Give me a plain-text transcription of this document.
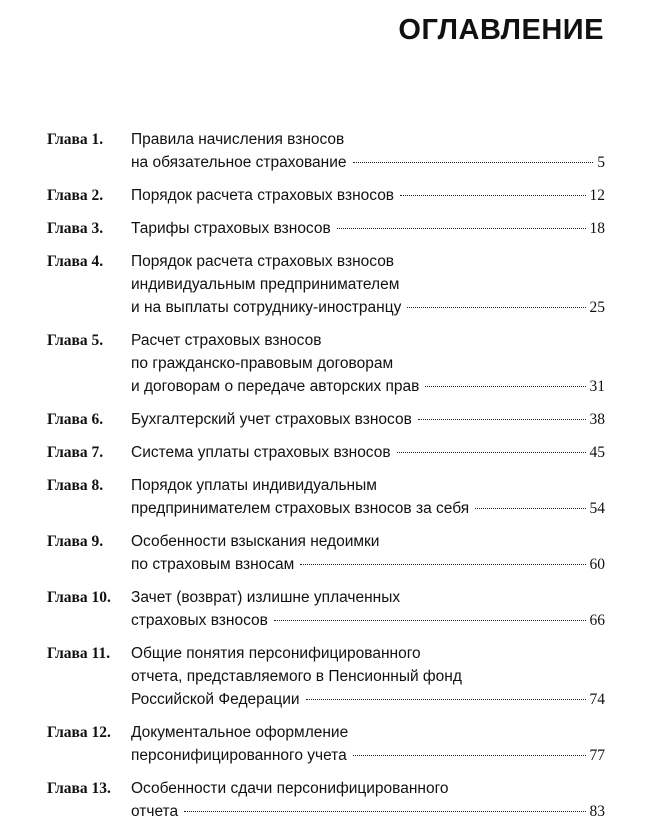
ОГЛАВЛЕНИЕ
Глава 1. Правила начисления взносов
на обязательное страхование	5
Глава 2. Порядок расчета страховых взносов	12
Глава 3. Тарифы страховых взносов	18
Глава 4. Порядок расчета страховых взносов
индивидуальным предпринимателем
и на выплаты сотруднику-иностранцу	25
Глава 5. Расчет страховых взносов
по гражданско-правовым договорам
и договорам о передаче авторских прав	31
Глава 6. Бухгалтерский учет страховых взносов	38
Глава 7. Система уплаты страховых взносов	45
Глава 8. Порядок уплаты индивидуальным
предпринимателем страховых взносов за себя	54
Глава 9. Особенности взыскания недоимки
по страховым взносам	60
Глава 10. Зачет (возврат) излишне уплаченных
страховых взносов	66
Глава 11. Общие понятия персонифицированного
отчета, представляемого в Пенсионный фонд
Российской Федерации	74
Глава 12. Документальное оформление
персонифицированного учета	77
Глава 13. Особенности сдачи персонифицированного
отчета	83
